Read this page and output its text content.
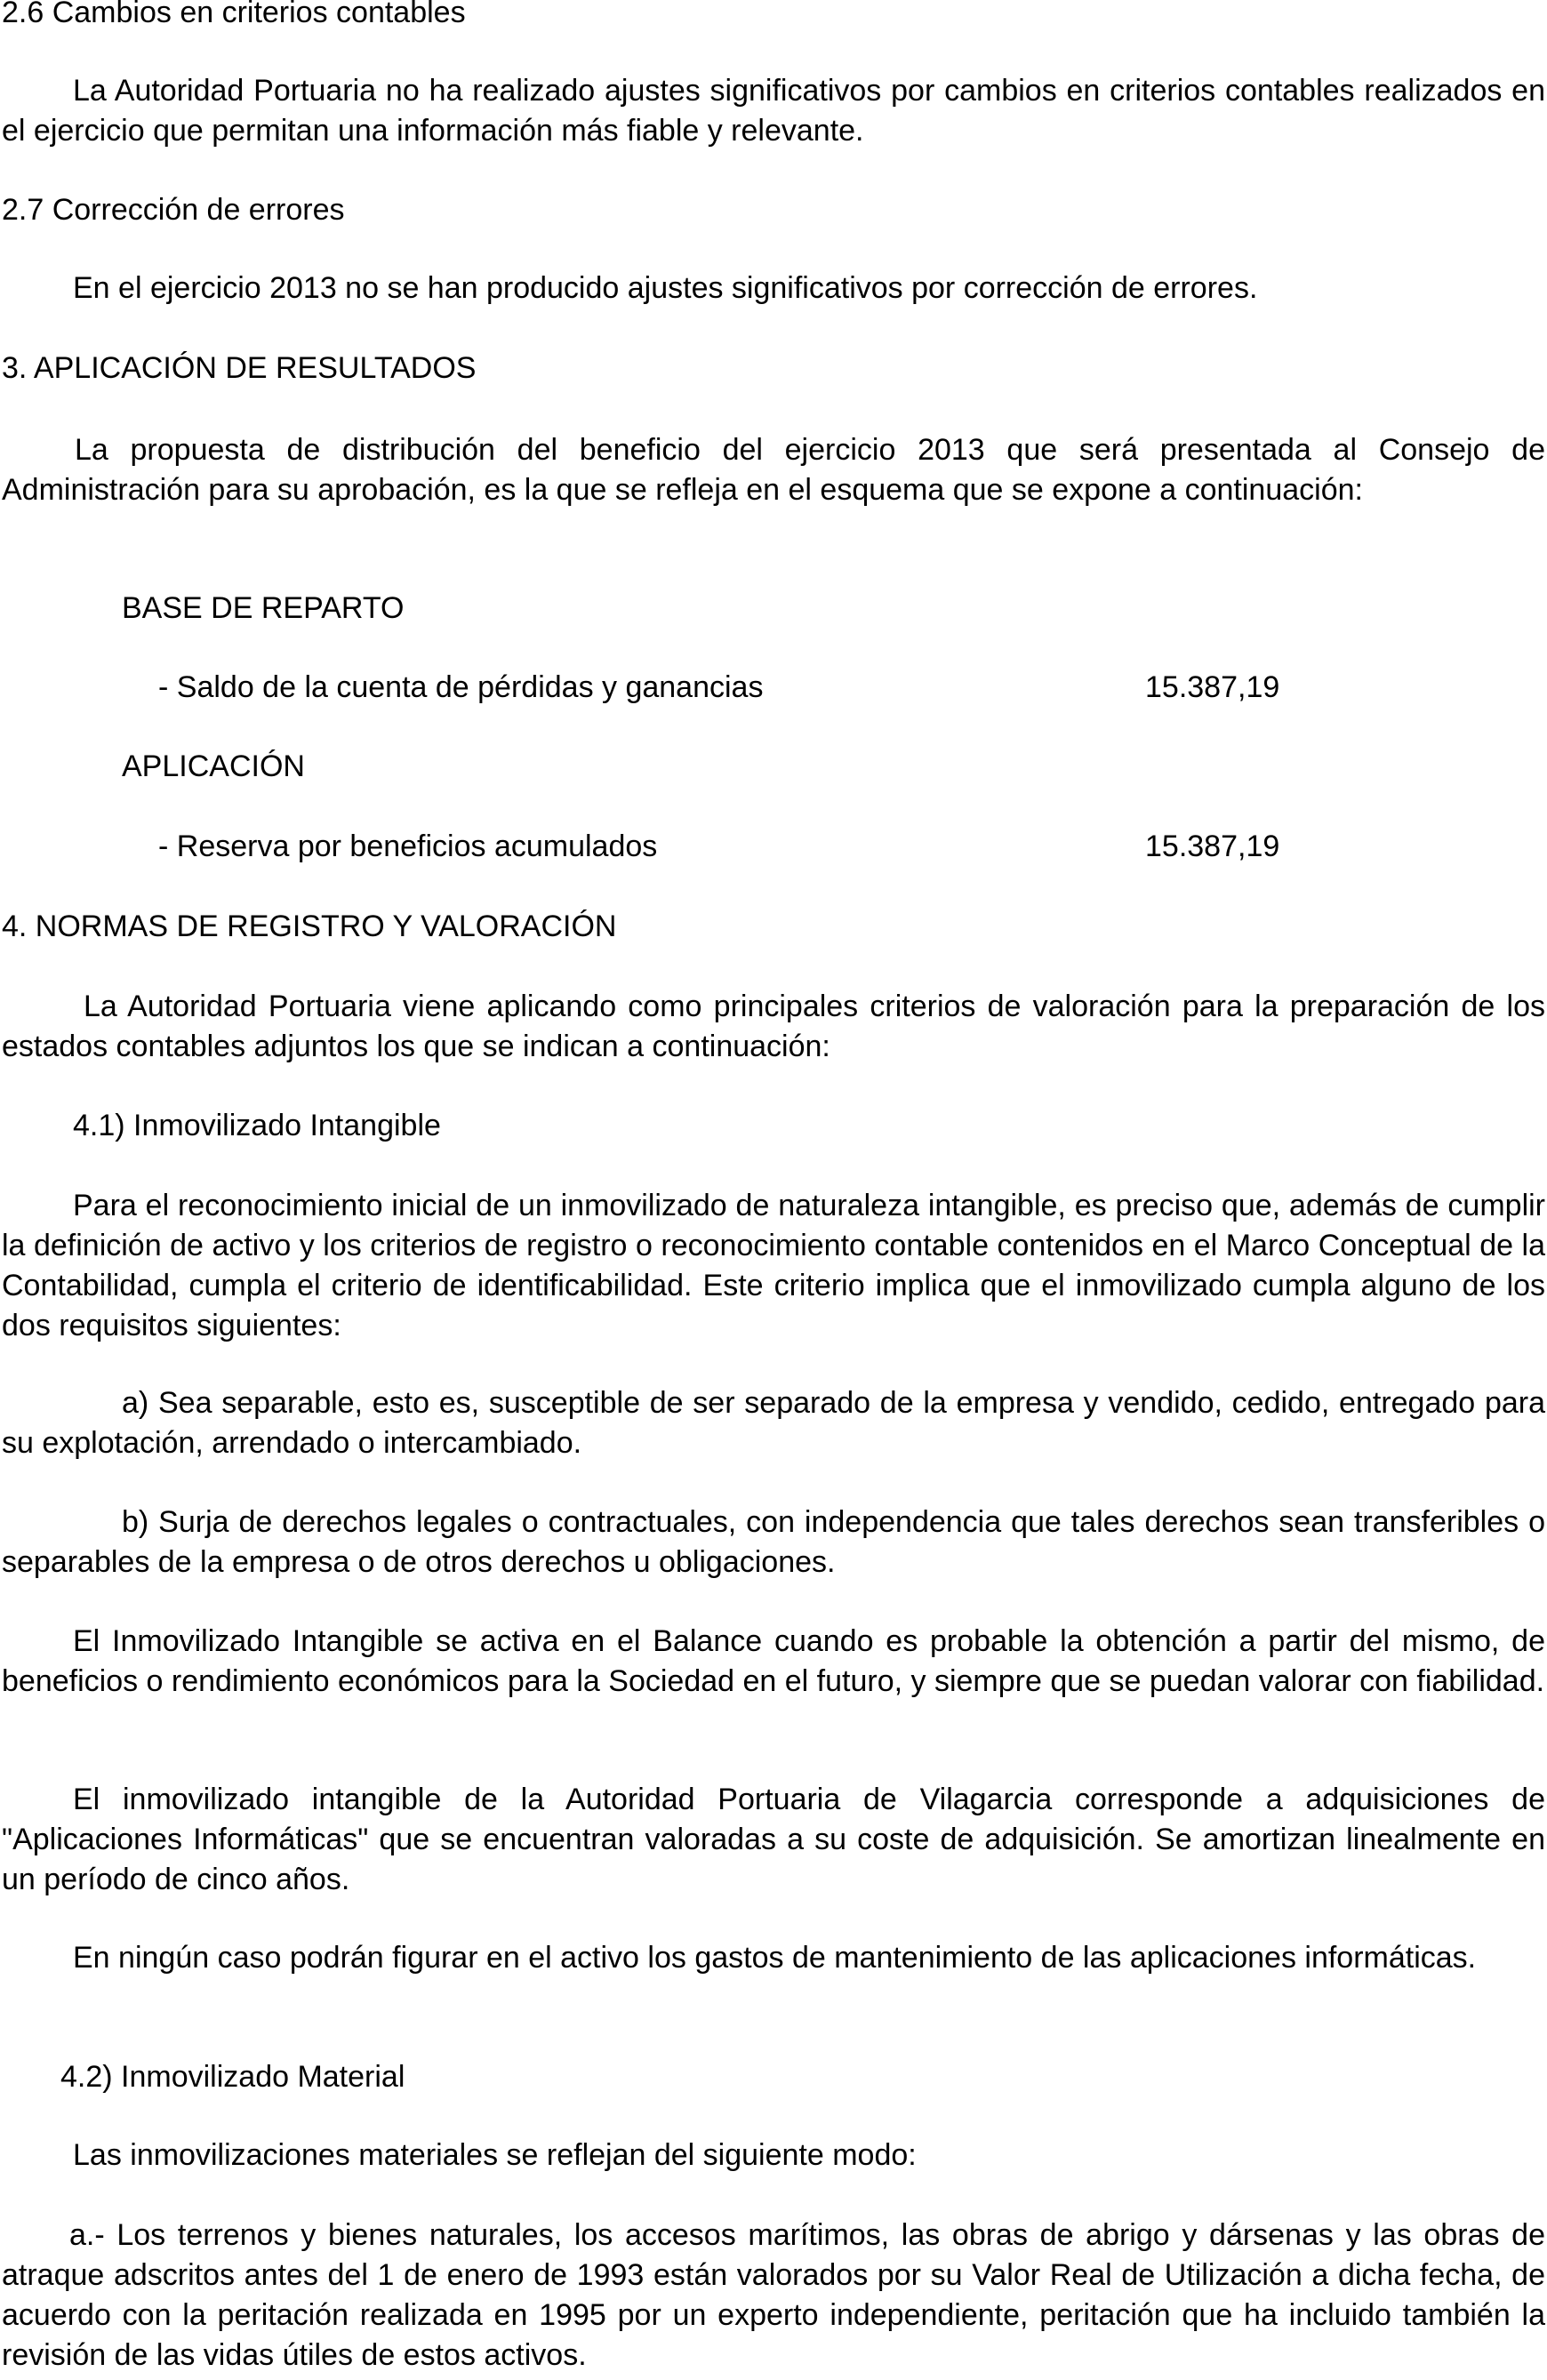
2.6 Cambios en criterios contables
La Autoridad Portuaria no ha realizado ajustes significativos por cambios en criterios contables realizados en el ejercicio que permitan una información más fiable y relevante.
2.7 Corrección de errores
En el ejercicio 2013 no se han producido ajustes significativos por corrección de errores.
3. APLICACIÓN DE RESULTADOS
La propuesta de distribución del beneficio del ejercicio 2013 que será presentada al Consejo de Administración para su aprobación, es la que se refleja en el esquema que se expone a continuación:
BASE DE REPARTO
- Saldo de la cuenta de pérdidas y ganancias	15.387,19
APLICACIÓN
- Reserva por beneficios acumulados	15.387,19
4. NORMAS DE REGISTRO Y VALORACIÓN
La Autoridad Portuaria viene aplicando como principales criterios de valoración para la preparación de los estados contables adjuntos los que se indican a continuación:
4.1) Inmovilizado Intangible
Para el reconocimiento inicial de un inmovilizado de naturaleza intangible, es preciso que, además de cumplir la definición de activo y los criterios de registro o reconocimiento contable contenidos en el Marco Conceptual de la Contabilidad, cumpla el criterio de identificabilidad. Este criterio implica que el inmovilizado cumpla alguno de los dos requisitos siguientes:
a) Sea separable, esto es, susceptible de ser separado de la empresa y vendido, cedido, entregado para su explotación, arrendado o intercambiado.
b) Surja de derechos legales o contractuales, con independencia que tales derechos sean transferibles o separables de la empresa o de otros derechos u obligaciones.
El Inmovilizado Intangible se activa en el Balance cuando es probable la obtención a partir del mismo, de beneficios o rendimiento económicos para la Sociedad en el futuro, y siempre que se puedan valorar con fiabilidad.
El inmovilizado intangible de la Autoridad Portuaria de Vilagarcia corresponde a adquisiciones de "Aplicaciones Informáticas" que se encuentran valoradas a su coste de adquisición. Se amortizan linealmente en un período de cinco años.
En ningún caso podrán figurar en el activo los gastos de mantenimiento de las aplicaciones informáticas.
4.2) Inmovilizado Material
Las inmovilizaciones materiales se reflejan del siguiente modo:
a.- Los terrenos y bienes naturales, los accesos marítimos, las obras de abrigo y dársenas y las obras de atraque adscritos antes del 1 de enero de 1993 están valorados por su Valor Real de Utilización a dicha fecha, de acuerdo con la peritación realizada en 1995 por un experto independiente, peritación que ha incluido también la revisión de las vidas útiles de estos activos.
